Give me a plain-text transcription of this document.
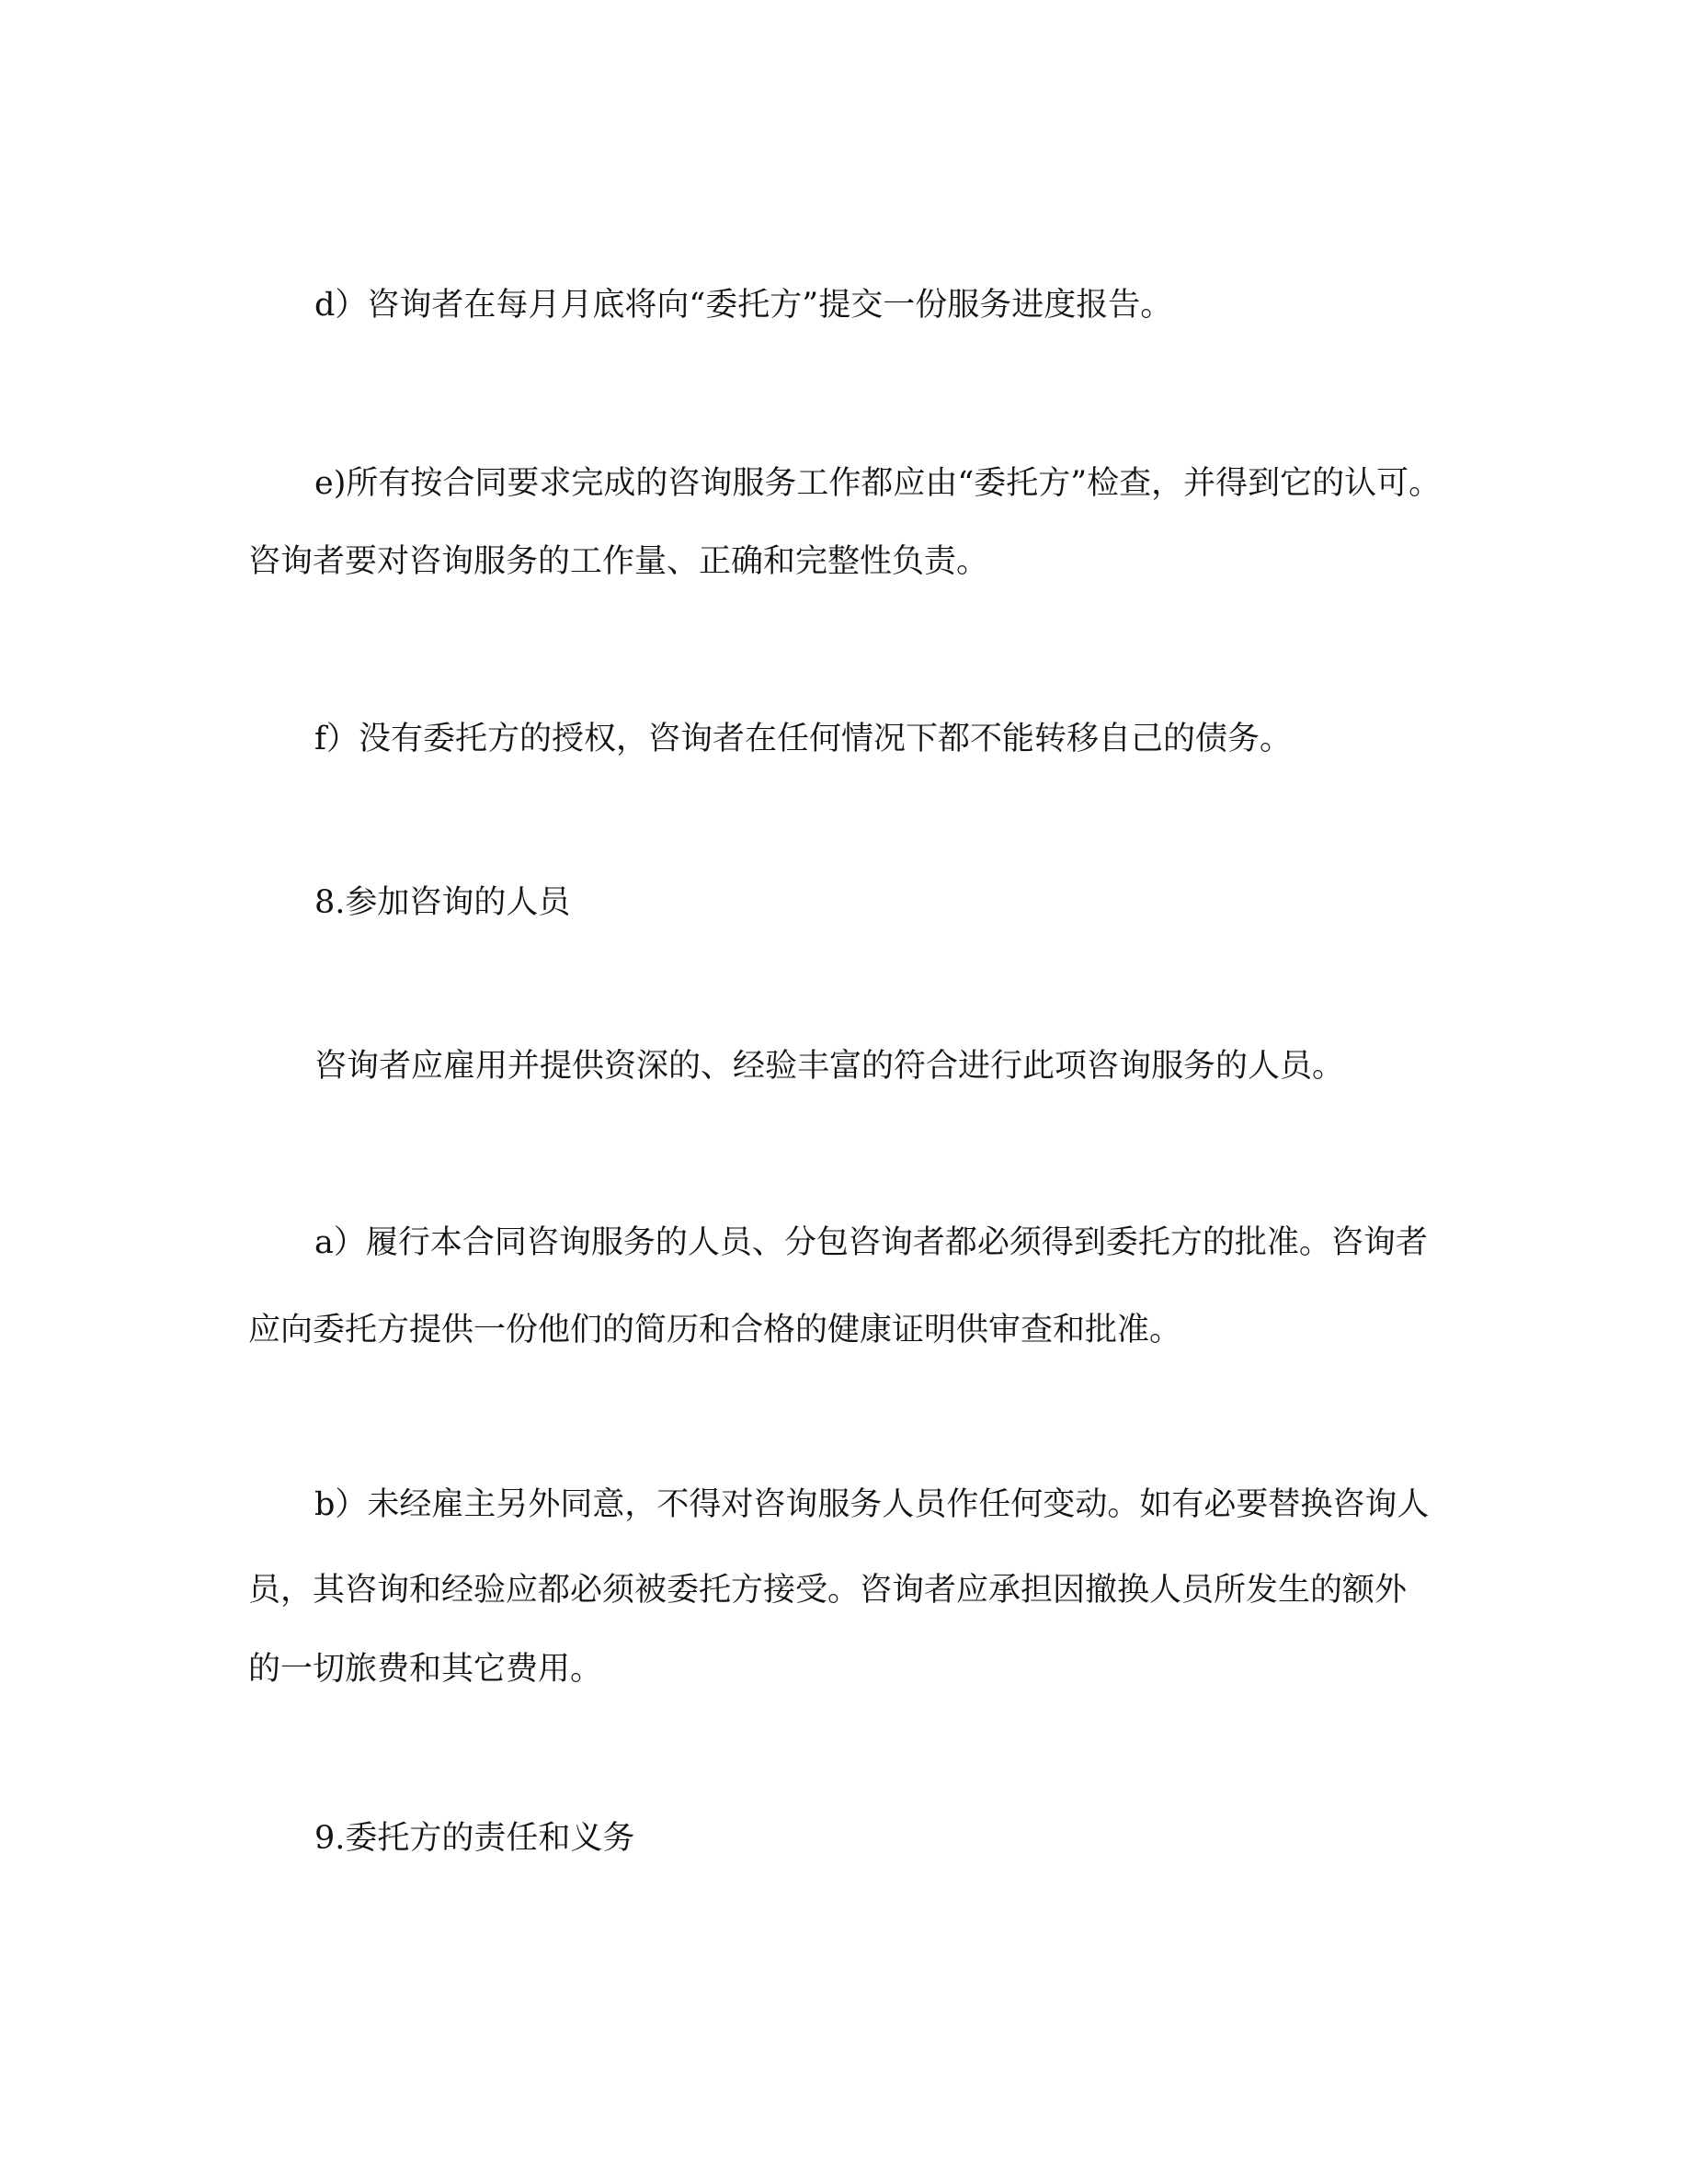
d）咨询者在每月月底将向“委托方”提交一份服务进度报告。

e)所有按合同要求完成的咨询服务工作都应由“委托方”检查，并得到它的认可。

咨询者要对咨询服务的工作量、正确和完整性负责。

f）没有委托方的授权，咨询者在任何情况下都不能转移自己的债务。

8.参加咨询的人员

咨询者应雇用并提供资深的、经验丰富的符合进行此项咨询服务的人员。

a）履行本合同咨询服务的人员、分包咨询者都必须得到委托方的批准。咨询者

应向委托方提供一份他们的简历和合格的健康证明供审查和批准。

b）未经雇主另外同意，不得对咨询服务人员作任何变动。如有必要替换咨询人

员，其咨询和经验应都必须被委托方接受。咨询者应承担因撤换人员所发生的额外

的一切旅费和其它费用。

9.委托方的责任和义务
